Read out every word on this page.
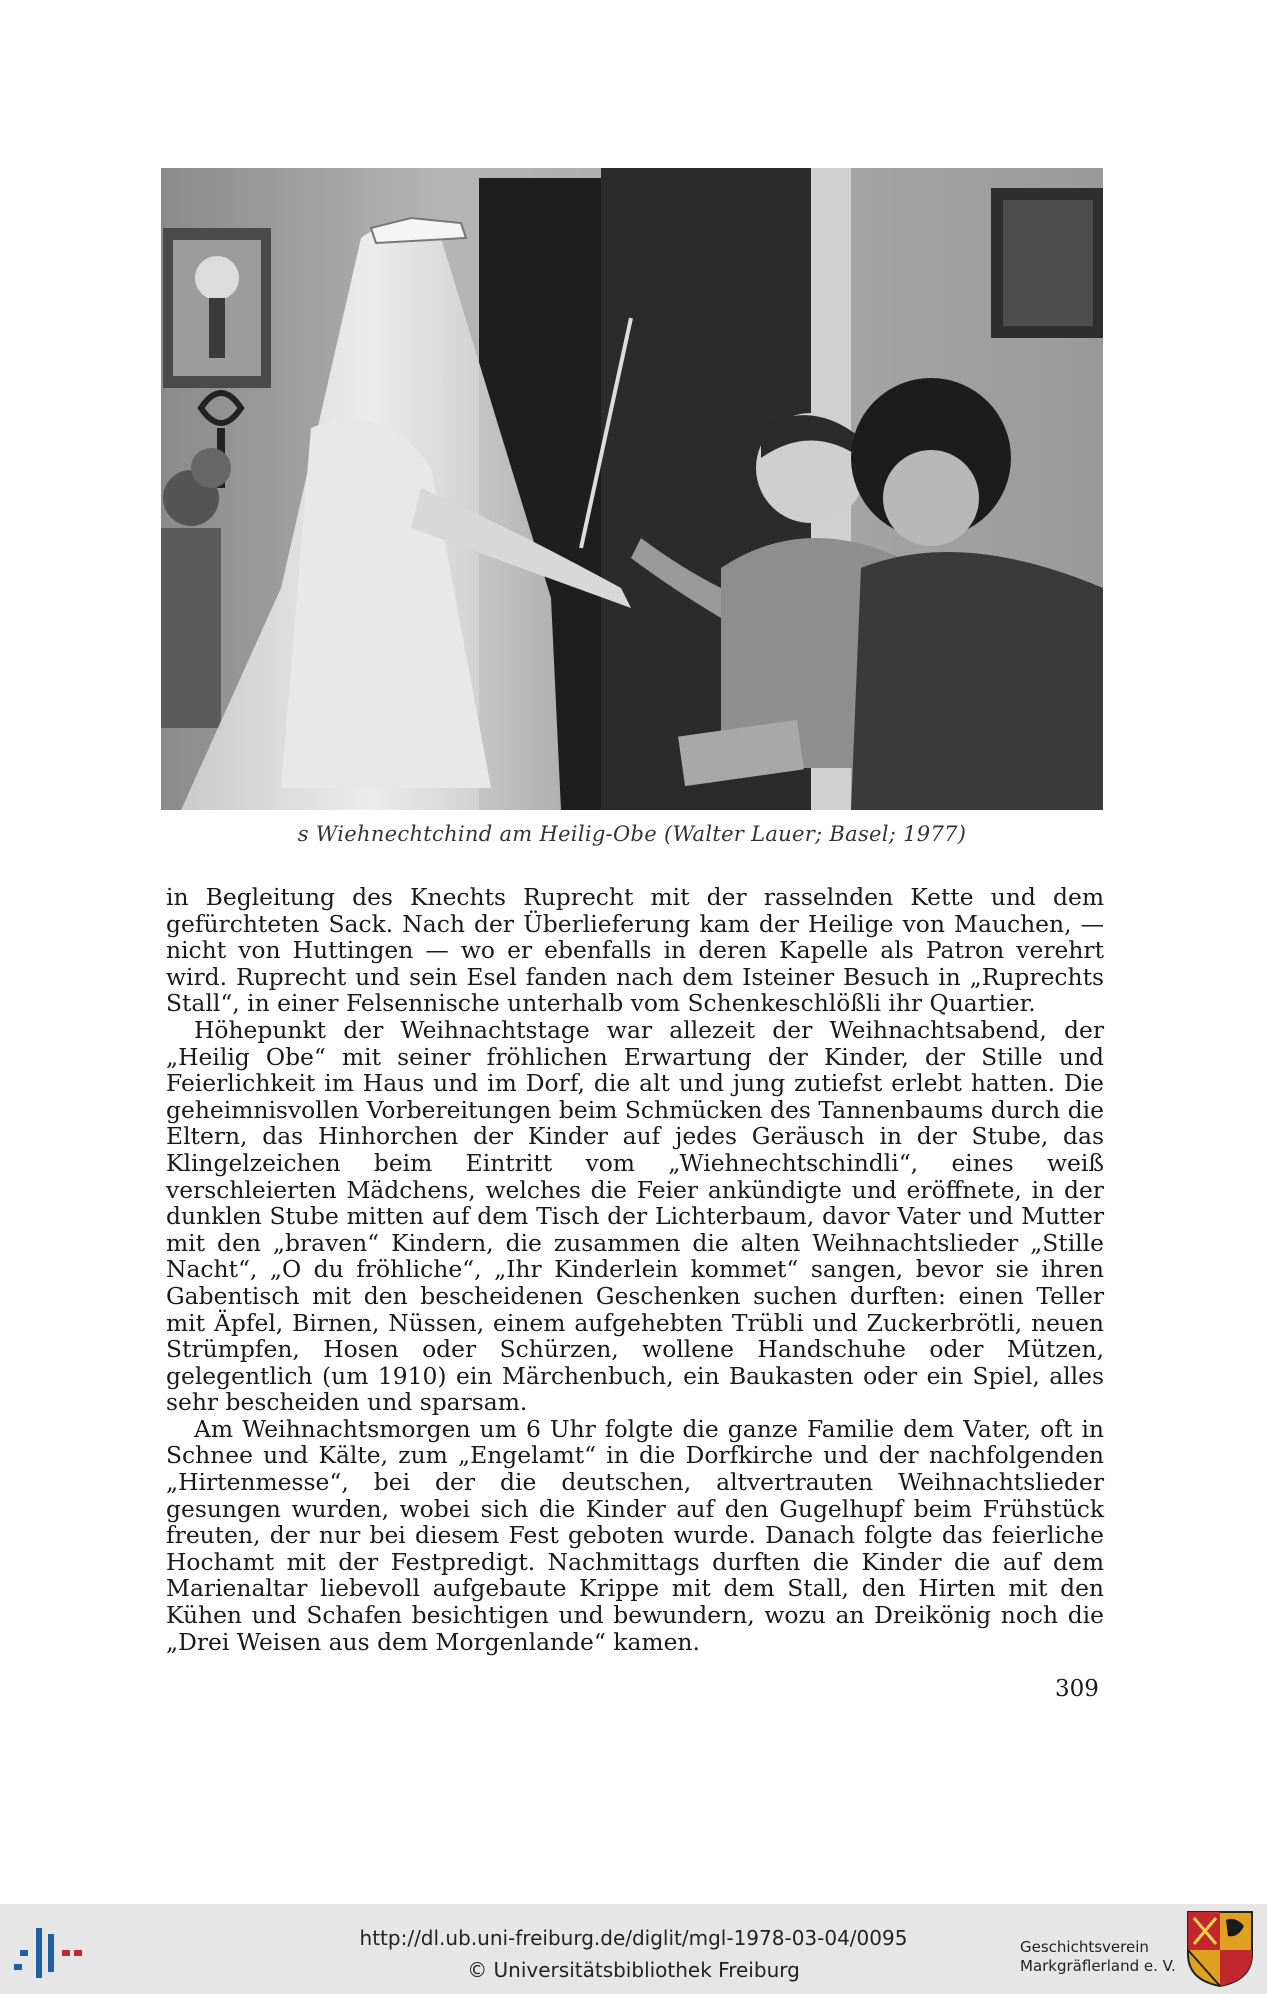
s Wiehnechtchind am Heilig-Obe (Walter Lauer; Basel; 1977)

in Begleitung des Knechts Ruprecht mit der rasselnden Kette und dem gefürchteten Sack. Nach der Überlieferung kam der Heilige von Mauchen, — nicht von Huttingen — wo er ebenfalls in deren Kapelle als Patron verehrt wird. Ruprecht und sein Esel fanden nach dem Isteiner Besuch in „Ruprechts Stall“, in einer Felsennische unterhalb vom Schenkeschlößli ihr Quartier.

Höhepunkt der Weihnachtstage war allezeit der Weihnachtsabend, der „Heilig Obe“ mit seiner fröhlichen Erwartung der Kinder, der Stille und Feierlichkeit im Haus und im Dorf, die alt und jung zutiefst erlebt hatten. Die geheimnisvollen Vorbereitungen beim Schmücken des Tannenbaums durch die Eltern, das Hinhorchen der Kinder auf jedes Geräusch in der Stube, das Klingelzeichen beim Eintritt vom „Wiehnechtschindli“, eines weiß verschleierten Mädchens, welches die Feier ankündigte und eröffnete, in der dunklen Stube mitten auf dem Tisch der Lichterbaum, davor Vater und Mutter mit den „braven“ Kindern, die zusammen die alten Weihnachtslieder „Stille Nacht“, „O du fröhliche“, „Ihr Kinderlein kommet“ sangen, bevor sie ihren Gabentisch mit den bescheidenen Geschenken suchen durften: einen Teller mit Äpfel, Birnen, Nüssen, einem aufgehebten Trübli und Zuckerbrötli, neuen Strümpfen, Hosen oder Schürzen, wollene Handschuhe oder Mützen, gelegentlich (um 1910) ein Märchenbuch, ein Baukasten oder ein Spiel, alles sehr bescheiden und sparsam.

Am Weihnachtsmorgen um 6 Uhr folgte die ganze Familie dem Vater, oft in Schnee und Kälte, zum „Engelamt“ in die Dorfkirche und der nachfolgenden „Hirtenmesse“, bei der die deutschen, altvertrauten Weihnachtslieder gesungen wurden, wobei sich die Kinder auf den Gugelhupf beim Frühstück freuten, der nur bei diesem Fest geboten wurde. Danach folgte das feierliche Hochamt mit der Festpredigt. Nachmittags durften die Kinder die auf dem Marienaltar liebevoll aufgebaute Krippe mit dem Stall, den Hirten mit den Kühen und Schafen besichtigen und bewundern, wozu an Dreikönig noch die „Drei Weisen aus dem Morgenlande“ kamen.

309
http://dl.ub.uni-freiburg.de/diglit/mgl-1978-03-04/0095
© Universitätsbibliothek Freiburg
Geschichtsverein
Markgräflerland e. V.
